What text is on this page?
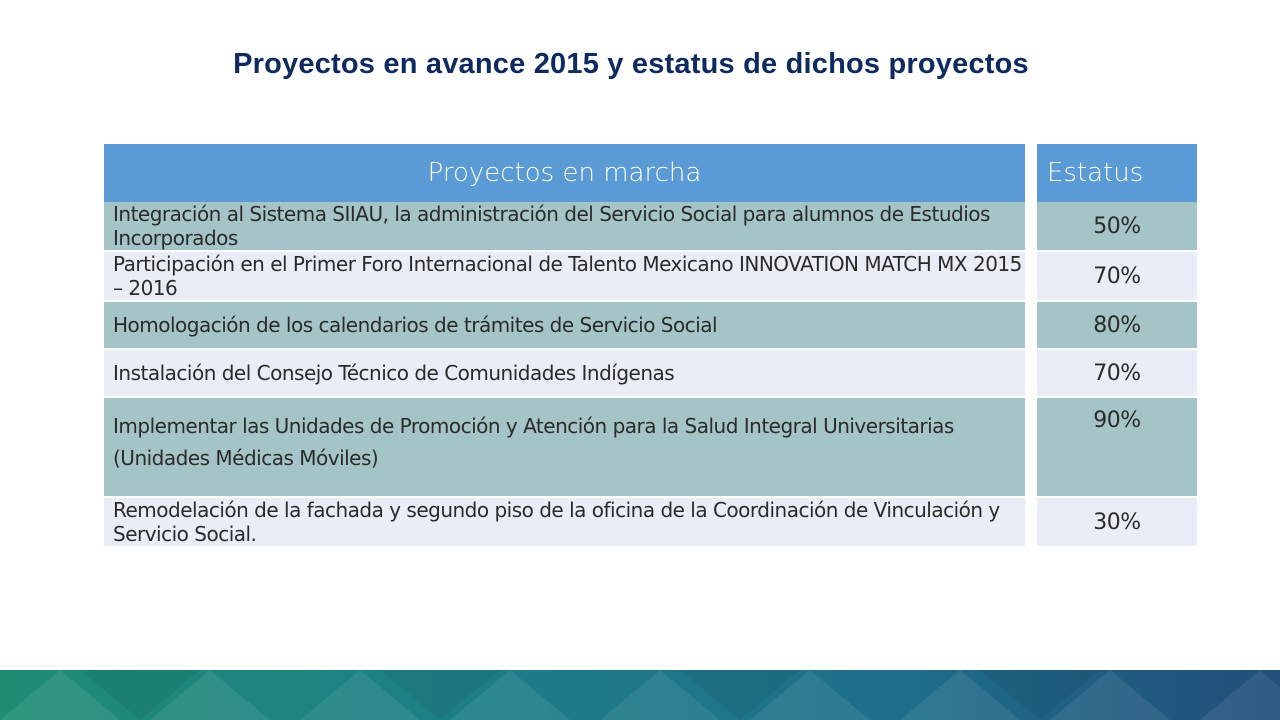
Proyectos en avance 2015 y estatus de dichos proyectos
Proyectos en marcha
Integración al Sistema SIIAU, la administración del Servicio Social para alumnos de Estudios Incorporados
Participación en el Primer Foro Internacional de Talento Mexicano INNOVATION MATCH MX 2015 – 2016
Homologación de los calendarios de trámites de Servicio Social
Instalación del Consejo Técnico de Comunidades Indígenas
Implementar las Unidades de Promoción y Atención para la Salud Integral Universitarias
(Unidades Médicas Móviles)
Remodelación de la fachada y segundo piso de la oficina de la Coordinación de Vinculación y Servicio Social.
Estatus
50%
70%
80%
70%
90%
30%
